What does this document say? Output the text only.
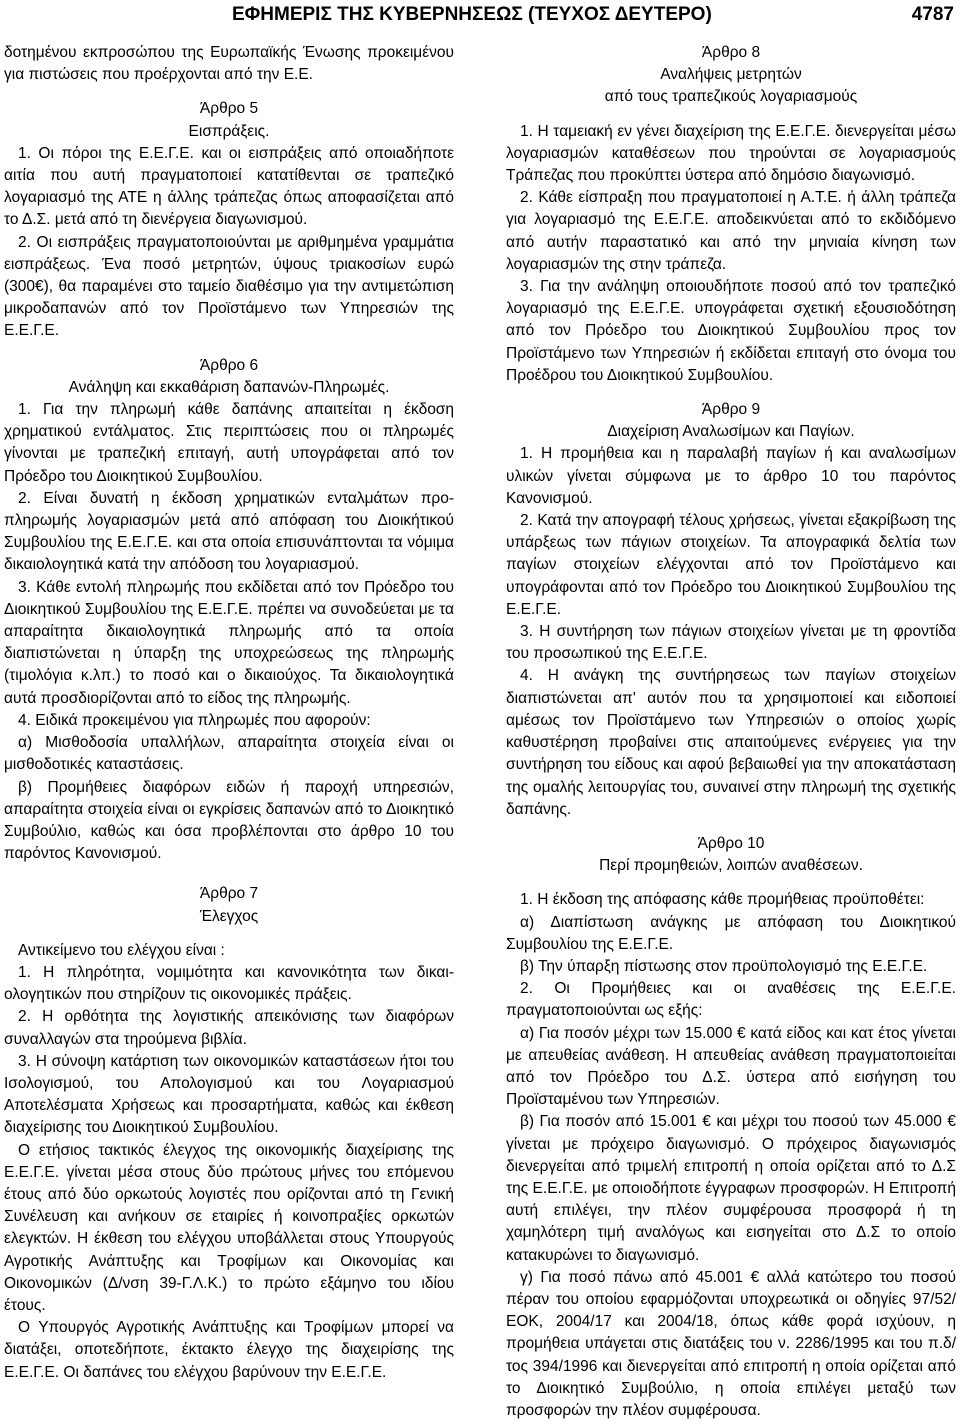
ΕΦΗΜΕΡΙΣ ΤΗΣ ΚΥΒΕΡΝΗΣΕΩΣ (ΤΕΥΧΟΣ ΔΕΥΤΕΡΟ)	4787

δοτημένου εκπροσώπου της Ευρωπαϊκής Ένωσης προκειμένου για πιστώσεις που προέρχονται από την Ε.Ε.

Άρθρο 5

Εισπράξεις.

1. Οι πόροι της Ε.Ε.Γ.Ε. και οι εισπράξεις από οποιαδήποτε αιτία που αυτή πραγματοποιεί κατατίθενται σε τραπεζικό λογαριασμό της ΑΤΕ η άλλης τράπεζας όπως αποφασίζεται από το Δ.Σ. μετά από τη διενέργεια διαγωνισμού.

2. Οι εισπράξεις πραγματοποιούνται με αριθμημένα γραμμάτια εισπράξεως. Ένα ποσό μετρητών, ύψους τριακοσίων ευρώ (300€), θα παραμένει στο ταμείο διαθέσιμο για την αντιμετώπιση μικροδαπανών από τον Προϊστάμενο των Υπηρεσιών της Ε.Ε.Γ.Ε.

Άρθρο 6

Ανάληψη και εκκαθάριση δαπανών-Πληρωμές.

1. Για την πληρωμή κάθε δαπάνης απαιτείται η έκδοση χρηματικού εντάλματος. Στις περιπτώσεις που οι πληρωμές γίνονται με τραπεζική επιταγή, αυτή υπογράφεται από τον Πρόεδρο του Διοικητικού Συμβουλίου.

2. Είναι δυνατή η έκδοση χρηματικών ενταλμάτων προπληρωμής λογαριασμών μετά από απόφαση του Διοικήτικού Συμβουλίου της Ε.Ε.Γ.Ε. και στα οποία επισυνάπτονται τα νόμιμα δικαιολογητικά κατά την απόδοση του λογαριασμού.

3. Κάθε εντολή πληρωμής που εκδίδεται από τον Πρόεδρο του Διοικητικού Συμβουλίου της Ε.Ε.Γ.Ε. πρέπει να συνοδεύεται με τα απαραίτητα δικαιολογητικά πληρωμής από τα οποία διαπιστώνεται η ύπαρξη της υποχρεώσεως της πληρωμής (τιμολόγια κ.λπ.) το ποσό και ο δικαιούχος. Τα δικαιολογητικά αυτά προσδιορίζονται από το είδος της πληρωμής.

4. Ειδικά προκειμένου για πληρωμές που αφορούν:

α) Μισθοδοσία υπαλλήλων, απαραίτητα στοιχεία είναι οι μισθοδοτικές καταστάσεις.

β) Προμήθειες διαφόρων ειδών ή παροχή υπηρεσιών, απαραίτητα στοιχεία είναι οι εγκρίσεις δαπανών από το Διοικητικό Συμβούλιο, καθώς και όσα προβλέπονται στο άρθρο 10 του παρόντος Κανονισμού.

Άρθρο 7

Έλεγχος

Αντικείμενο του ελέγχου είναι :

1. Η πληρότητα, νομιμότητα και κανονικότητα των δικαιολογητικών που στηρίζουν τις οικονομικές πράξεις.

2. Η ορθότητα της λογιστικής απεικόνισης των διαφόρων συναλλαγών στα τηρούμενα βιβλία.

3. Η σύνοψη κατάρτιση των οικονομικών καταστάσεων ήτοι του Ισολογισμού, του Απολογισμού και του Λογαριασμού Αποτελέσματα Χρήσεως και προσαρτήματα, καθώς και έκθεση διαχείρισης του Διοικητικού Συμβουλίου.

Ο ετήσιος τακτικός έλεγχος της οικονομικής διαχείρισης της Ε.Ε.Γ.Ε. γίνεται μέσα στους δύο πρώτους μήνες του επόμενου έτους από δύο ορκωτούς λογιστές που ορίζονται από τη Γενική Συνέλευση και ανήκουν σε εταιρίες ή κοινοπραξίες ορκωτών ελεγκτών. Η έκθεση του ελέγχου υποβάλλεται στους Υπουργούς Αγροτικής Ανάπτυξης και Τροφίμων και Οικονομίας και Οικονομικών (Δ/νση 39-Γ.Λ.Κ.) το πρώτο εξάμηνο του ιδίου έτους.

Ο Υπουργός Αγροτικής Ανάπτυξης και Τροφίμων μπορεί να διατάξει, οποτεδήποτε, έκτακτο έλεγχο της διαχειρίσης της Ε.Ε.Γ.Ε. Οι δαπάνες του ελέγχου βαρύνουν την Ε.Ε.Γ.Ε.

Άρθρο 8

Αναλήψεις μετρητών

από τους τραπεζικούς λογαριασμούς

1. Η ταμειακή εν γένει διαχείριση της Ε.Ε.Γ.Ε. διενεργείται μέσω λογαριασμών καταθέσεων που τηρούνται σε λογαριασμούς Τράπεζας που προκύπτει ύστερα από δημόσιο διαγωνισμό.

2. Κάθε είσπραξη που πραγματοποιεί η Α.Τ.Ε. ή άλλη τράπεζα για λογαριασμό της Ε.Ε.Γ.Ε. αποδεικνύεται από το εκδιδόμενο από αυτήν παραστατικό και από την μηνιαία κίνηση των λογαριασμών της στην τράπεζα.

3. Για την ανάληψη οποιουδήποτε ποσού από τον τραπεζικό λογαριασμό της Ε.Ε.Γ.Ε. υπογράφεται σχετική εξουσιοδότηση από τον Πρόεδρο του Διοικητικού Συμβουλίου προς τον Προϊστάμενο των Υπηρεσιών ή εκδίδεται επιταγή στο όνομα του Προέδρου του Διοικητικού Συμβουλίου.

Άρθρο 9

Διαχείριση Αναλωσίμων και Παγίων.

1. Η προμήθεια και η παραλαβή παγίων ή και αναλωσίμων υλικών γίνεται σύμφωνα με το άρθρο 10 του παρόντος Κανονισμού.

2. Κατά την απογραφή τέλους χρήσεως, γίνεται εξακρίβωση της υπάρξεως των πάγιων στοιχείων. Τα απογραφικά δελτία των παγίων στοιχείων ελέγχονται από τον Προϊστάμενο και υπογράφονται από τον Πρόεδρο του Διοικητικού Συμβουλίου της Ε.Ε.Γ.Ε.

3. Η συντήρηση των πάγιων στοιχείων γίνεται με τη φροντίδα του προσωπικού της Ε.Ε.Γ.Ε.

4. Η ανάγκη της συντήρησεως των παγίων στοιχείων διαπιστώνεται απ' αυτόν που τα χρησιμοποιεί και ειδοποιεί αμέσως τον Προϊστάμενο των Υπηρεσιών ο οποίος χωρίς καθυστέρηση προβαίνει στις απαιτούμενες ενέργειες για την συντήρηση του είδους και αφού βεβαιωθεί για την αποκατάσταση της ομαλής λειτουργίας του, συναινεί στην πληρωμή της σχετικής δαπάνης.

Άρθρο 10

Περί προμηθειών, λοιπών αναθέσεων.

1. Η έκδοση της απόφασης κάθε προμήθειας προϋποθέτει:

α) Διαπίστωση ανάγκης με απόφαση του Διοικητικού Συμβουλίου της Ε.Ε.Γ.Ε.

β) Την ύπαρξη πίστωσης στον προϋπολογισμό της Ε.Ε.Γ.Ε.

2. Οι Προμήθειες και οι αναθέσεις της Ε.Ε.Γ.Ε. πραγματοποιούνται ως εξής:

α) Για ποσόν μέχρι των 15.000 € κατά είδος και κατ έτος γίνεται με απευθείας ανάθεση. Η απευθείας ανάθεση πραγματοποιείται από τον Πρόεδρο του Δ.Σ. ύστερα από εισήγηση του Προϊσταμένου των Υπηρεσιών.

β) Για ποσόν από 15.001 € και μέχρι του ποσού των 45.000 € γίνεται με πρόχειρο διαγωνισμό. Ο πρόχειρος διαγωνισμός διενεργείται από τριμελή επιτροπή η οποία ορίζεται από το Δ.Σ της Ε.Ε.Γ.Ε. με οποιοδήποτε έγγραφων προσφορών. Η Επιτροπή αυτή επιλέγει, την πλέον συμφέρουσα προσφορά ή τη χαμηλότερη τιμή αναλόγως και εισηγείται στο Δ.Σ το οποίο κατακυρώνει το διαγωνισμό.

γ) Για ποσό πάνω από 45.001 € αλλά κατώτερο του ποσού πέραν του οποίου εφαρμόζονται υποχρεωτικά οι οδηγίες 97/52/ΕΟΚ, 2004/17 και 2004/18, όπως κάθε φορά ισχύουν, η προμήθεια υπάγεται στις διατάξεις του ν. 2286/1995 και του π.δ/τος 394/1996 και διενεργείται από επιτροπή η οποία ορίζεται από το Διοικητικό Συμβούλιο, η οποία επιλέγει μεταξύ των προσφορών την πλέον συμφέρουσα.
